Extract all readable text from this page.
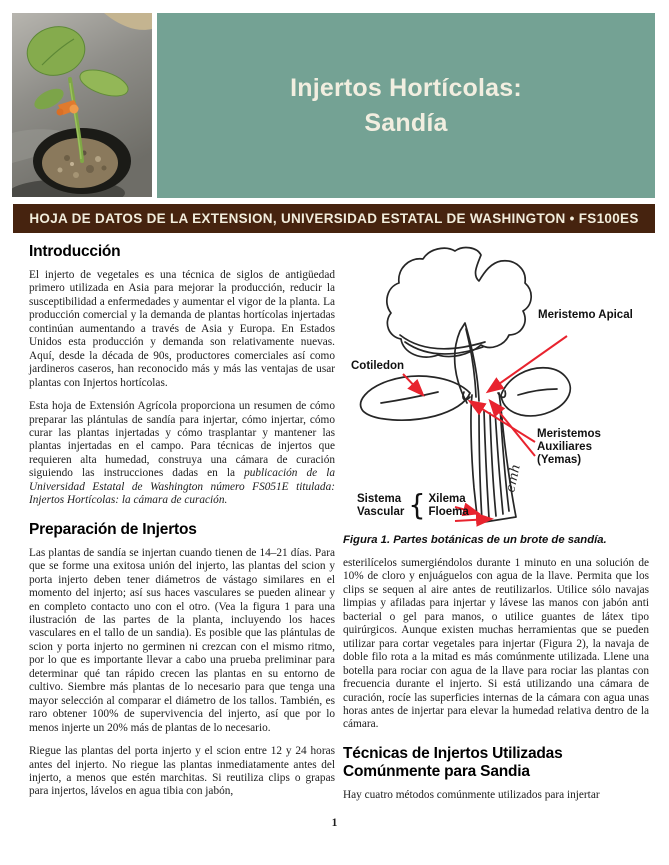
Injertos Hortícolas:
Sandía
HOJA DE DATOS DE LA EXTENSION, UNIVERSIDAD ESTATAL DE WASHINGTON • FS100ES
Introducción

El injerto de vegetales es una técnica de siglos de antigüedad primero utilizada en Asia para mejorar la producción, reducir la susceptibilidad a enfermedades y aumentar el vigor de la planta. La producción comercial y la demanda de plantas hortícolas injertadas continúan aumentando a través de Asia y Europa. En Estados Unidos esta producción y demanda son relativamente nuevas. Aquí, desde la década de 90s, productores comerciales así como jardineros caseros, han reconocido más y más las ventajas de usar plantas con Injertos hortícolas.

Esta hoja de Extensión Agrícola proporciona un resumen de cómo preparar las plántulas de sandía para injertar, cómo injertar, cómo curar las plantas injertadas y cómo trasplantar y mantener las plantas injertadas en el campo. Para técnicas de injertos que requieren alta humedad, construya una cámara de curación siguiendo las instrucciones dadas en la publicación de la Universidad Estatal de Washington número FS051E titulada: Injertos Hortícolas: la cámara de curación.

Preparación de Injertos

Las plantas de sandía se injertan cuando tienen de 14–21 días. Para que se forme una exitosa unión del injerto, las plantas del scion y porta injerto deben tener diámetros de vástago similares en el momento del injerto; así sus haces vasculares se pueden alinear y en completo contacto uno con el otro. (Vea la figura 1 para una ilustración de las partes de la planta, incluyendo los haces vasculares en el tallo de un sandia). Es posible que las plántulas de scion y porta injerto no germinen ni crezcan con el mismo ritmo, por lo que es importante llevar a cabo una prueba preliminar para determinar qué tan rápido crecen las plantas en su entorno de cultivo. Siembre más plantas de lo necesario para que tenga una mayor selección al comparar el diámetro de los tallos. También, es raro obtener 100% de supervivencia del injerto, así que por lo menos injerte un 20% más de plantas de lo necesario.

Riegue las plantas del porta injerto y el scion entre 12 y 24 horas antes del injerto. No riegue las plantas inmediatamente antes del injerto, a menos que estén marchitas. Si reutiliza clips o grapas para injertos, lávelos en agua tibia con jabón,

emh
Meristemo Apical
Cotiledon
Meristemos Auxiliares (Yemas)
Sistema
Vascular { Xilema
Floema
Figura 1. Partes botánicas de un brote de sandía.

esterilícelos sumergiéndolos durante 1 minuto en una solución de 10% de cloro y enjuáguelos con agua de la llave. Permita que los clips se sequen al aire antes de reutilizarlos. Utilice sólo navajas limpias y afiladas para injertar y lávese las manos con jabón anti bacterial o gel para manos, o utilice guantes de látex tipo quirúrgicos. Aunque existen muchas herramientas que se pueden utilizar para cortar vegetales para injertar (Figura 2), la navaja de doble filo rota a la mitad es más comúnmente utilizada. Llene una botella para rociar con agua de la llave para rociar las plantas con frecuencia durante el injerto. Si está utilizando una cámara de curación, rocíe las superficies internas de la cámara con agua unas horas antes de injertar para elevar la humedad relativa dentro de la cámara.

Técnicas de Injertos Utilizadas Comúnmente para Sandia

Hay cuatro métodos comúnmente utilizados para injertar

1
